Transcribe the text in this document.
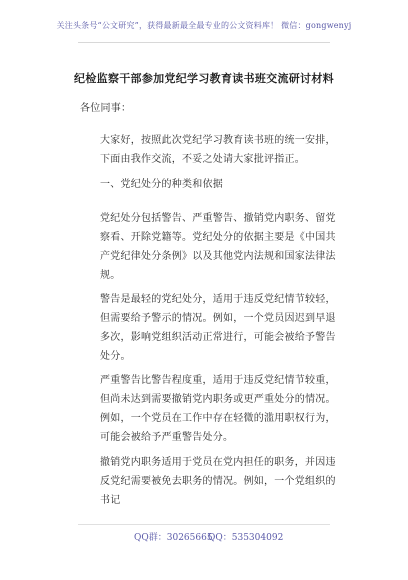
关注头条号“公文研究”，获得最新最全最专业的公文资料库！ 微信：gongwenyj
纪检监察干部参加党纪学习教育读书班交流研讨材料
各位同事：
大家好，按照此次党纪学习教育读书班的统一安排，下面由我作交流，不妥之处请大家批评指正。
一、党纪处分的种类和依据
党纪处分包括警告、严重警告、撤销党内职务、留党察看、开除党籍等。党纪处分的依据主要是《中国共产党纪律处分条例》以及其他党内法规和国家法律法规。
警告是最轻的党纪处分，适用于违反党纪情节较轻，但需要给予警示的情况。例如，一个党员因迟到早退多次，影响党组织活动正常进行，可能会被给予警告处分。
严重警告比警告程度重，适用于违反党纪情节较重，但尚未达到需要撤销党内职务或更严重处分的情况。例如，一个党员在工作中存在轻微的滥用职权行为，可能会被给予严重警告处分。
撤销党内职务适用于党员在党内担任的职务，并因违反党纪需要被免去职务的情况。例如，一个党组织的书记
QQ群：30265665
QQ：535304092
